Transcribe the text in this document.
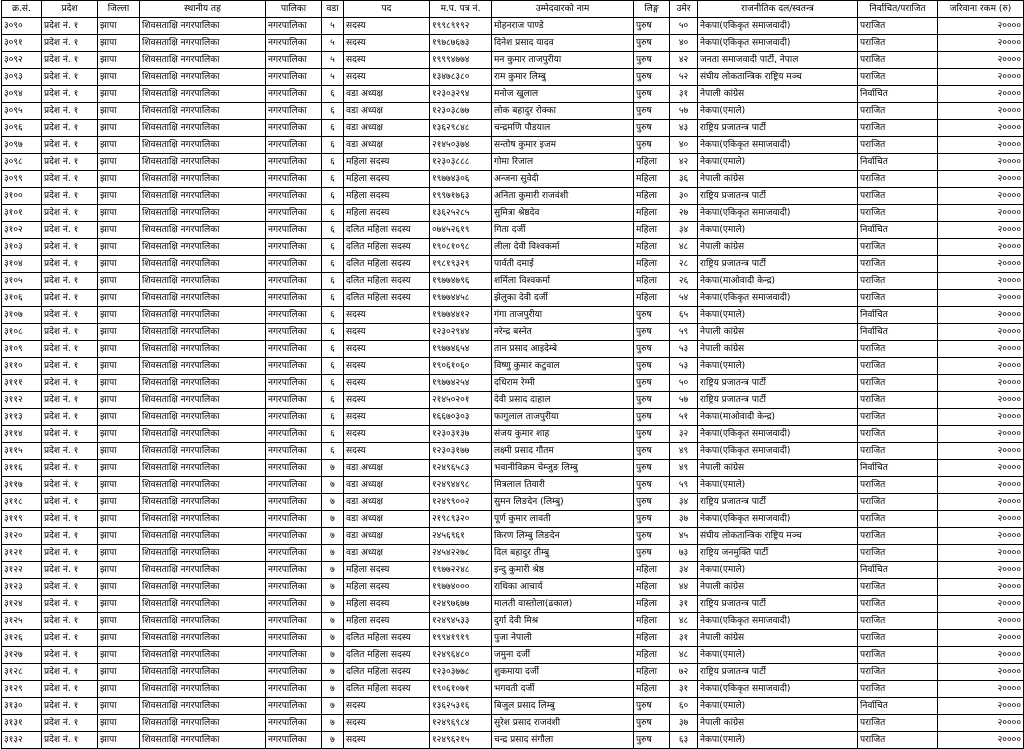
क्र.सं.	प्रदेश	जिल्ला	स्थानीय तह	पालिका	वडा	पद	म.प. पत्र नं.	उम्मेदवारको नाम	लिङ्ग	उमेर	राजनीतिक दल/स्वतन्त्र	निर्वाचित/पराजित	जरिवाना रकम (रु)
३०९०	प्रदेश नं. १	झापा	शिवसताक्षि नगरपालिका	नगरपालिका	५	सदस्य	१९९८९१९२	मोहनराज पाण्डे	पुरुष	५०	नेकपा(एकिकृत समाजवादी)	पराजित	२००००
३०९१	प्रदेश नं. १	झापा	शिवसताक्षि नगरपालिका	नगरपालिका	५	सदस्य	१९७८७६७३	दिनेश प्रसाद यादव	पुरुष	४०	नेकपा(एकिकृत समाजवादी)	पराजित	२००००
३०९२	प्रदेश नं. १	झापा	शिवसताक्षि नगरपालिका	नगरपालिका	५	सदस्य	१९९९४७७४	मन कुमार ताजपुरीया	पुरुष	४२	जनता समाजवादी पार्टी, नेपाल	पराजित	२००००
३०९३	प्रदेश नं. १	झापा	शिवसताक्षि नगरपालिका	नगरपालिका	५	सदस्य	१३४७८३८०	राम कुमार लिम्बु	पुरुष	५२	संघीय लोकतान्त्रिक राष्ट्रिय मञ्च	पराजित	२००००
३०९४	प्रदेश नं. १	झापा	शिवसताक्षि नगरपालिका	नगरपालिका	६	वडा अध्यक्ष	१२३०३२९४	मनोज खुलाल	पुरुष	३१	नेपाली कांग्रेस	निर्वाचित	२००००
३०९५	प्रदेश नं. १	झापा	शिवसताक्षि नगरपालिका	नगरपालिका	६	वडा अध्यक्ष	१२३०३८७७	लोक बहादुर रोक्का	पुरुष	५७	नेकपा(एमाले)	पराजित	२००००
३०९६	प्रदेश नं. १	झापा	शिवसताक्षि नगरपालिका	नगरपालिका	६	वडा अध्यक्ष	१३६२९८४८	चन्द्रमणि पौडयाल	पुरुष	४३	राष्ट्रिय प्रजातन्त्र पार्टी	पराजित	२००००
३०९७	प्रदेश नं. १	झापा	शिवसताक्षि नगरपालिका	नगरपालिका	६	वडा अध्यक्ष	२१४५०३७४	सन्तोष कुमार इजम	पुरुष	४०	नेकपा(एकिकृत समाजवादी)	पराजित	२००००
३०९८	प्रदेश नं. १	झापा	शिवसताक्षि नगरपालिका	नगरपालिका	६	महिला सदस्य	१२३०३८८८	गोमा रिजाल	महिला	४२	नेकपा(एमाले)	निर्वाचित	२००००
३०९९	प्रदेश नं. १	झापा	शिवसताक्षि नगरपालिका	नगरपालिका	६	महिला सदस्य	१९७७४३०६	अन्जना सुवेदी	महिला	३६	नेपाली कांग्रेस	पराजित	२००००
३१००	प्रदेश नं. १	झापा	शिवसताक्षि नगरपालिका	नगरपालिका	६	महिला सदस्य	१९९७१७६३	अनिता कुमारी राजवंशी	महिला	३०	राष्ट्रिय प्रजातन्त्र पार्टी	पराजित	२००००
३१०१	प्रदेश नं. १	झापा	शिवसताक्षि नगरपालिका	नगरपालिका	६	महिला सदस्य	१३६२५२८५	सुमित्रा श्रेष्ठदेव	महिला	२७	नेकपा(एकिकृत समाजवादी)	पराजित	२००००
३१०२	प्रदेश नं. १	झापा	शिवसताक्षि नगरपालिका	नगरपालिका	६	दलित महिला सदस्य	०७४५२६१९	गिता दर्जी	महिला	३४	नेकपा(एमाले)	निर्वाचित	२००००
३१०३	प्रदेश नं. १	झापा	शिवसताक्षि नगरपालिका	नगरपालिका	६	दलित महिला सदस्य	१९०८१०९८	लीला देवी विश्वकर्मा	महिला	४८	नेपाली कांग्रेस	पराजित	२००००
३१०४	प्रदेश नं. १	झापा	शिवसताक्षि नगरपालिका	नगरपालिका	६	दलित महिला सदस्य	१९८१९३२९	पार्वती दमाई	महिला	२८	राष्ट्रिय प्रजातन्त्र पार्टी	पराजित	२००००
३१०५	प्रदेश नं. १	झापा	शिवसताक्षि नगरपालिका	नगरपालिका	६	दलित महिला सदस्य	१९७७४७९६	शर्मिला विश्वकर्मा	महिला	२६	नेकपा(माओवादी केन्द्र)	पराजित	२००००
३१०६	प्रदेश नं. १	झापा	शिवसताक्षि नगरपालिका	नगरपालिका	६	दलित महिला सदस्य	१९७७४४५८	झेलुका देवी दर्जी	महिला	५४	नेकपा(एकिकृत समाजवादी)	पराजित	२००००
३१०७	प्रदेश नं. १	झापा	शिवसताक्षि नगरपालिका	नगरपालिका	६	सदस्य	१९७७४४१२	गंगा ताजपुरीया	पुरुष	६५	नेकपा(एमाले)	निर्वाचित	२००००
३१०८	प्रदेश नं. १	झापा	शिवसताक्षि नगरपालिका	नगरपालिका	६	सदस्य	१२३०२९४४	नरेन्द्र बस्नेत	पुरुष	५९	नेपाली कांग्रेस	निर्वाचित	२००००
३१०९	प्रदेश नं. १	झापा	शिवसताक्षि नगरपालिका	नगरपालिका	६	सदस्य	१९७७४६५४	तान प्रसाद आइदेम्बे	पुरुष	५३	नेपाली कांग्रेस	पराजित	२००००
३११०	प्रदेश नं. १	झापा	शिवसताक्षि नगरपालिका	नगरपालिका	६	सदस्य	१९०६१०६०	विष्णु कुमार कटुवाल	पुरुष	५३	नेकपा(एमाले)	पराजित	२००००
३१११	प्रदेश नं. १	झापा	शिवसताक्षि नगरपालिका	नगरपालिका	६	सदस्य	१९७७४२५४	दधिराम रेग्मी	पुरुष	५०	राष्ट्रिय प्रजातन्त्र पार्टी	पराजित	२००००
३११२	प्रदेश नं. १	झापा	शिवसताक्षि नगरपालिका	नगरपालिका	६	सदस्य	२१४५०२०१	देवी प्रसाद दाहाल	पुरुष	५७	राष्ट्रिय प्रजातन्त्र पार्टी	पराजित	२००००
३११३	प्रदेश नं. १	झापा	शिवसताक्षि नगरपालिका	नगरपालिका	६	सदस्य	१६६७०३०३	फागुलाल ताजपुरीया	पुरुष	५१	नेकपा(माओवादी केन्द्र)	पराजित	२००००
३११४	प्रदेश नं. १	झापा	शिवसताक्षि नगरपालिका	नगरपालिका	६	सदस्य	१२३०३१३७	संजय कुमार शाह	पुरुष	३२	नेकपा(एकिकृत समाजवादी)	पराजित	२००००
३११५	प्रदेश नं. १	झापा	शिवसताक्षि नगरपालिका	नगरपालिका	६	सदस्य	१२३०३१७७	लक्ष्मी प्रसाद गौतम	पुरुष	४९	नेकपा(एकिकृत समाजवादी)	पराजित	२००००
३११६	प्रदेश नं. १	झापा	शिवसताक्षि नगरपालिका	नगरपालिका	७	वडा अध्यक्ष	१२४९६५८३	भवानीविक्रम चेम्जुङ लिम्बु	पुरुष	४९	नेपाली कांग्रेस	निर्वाचित	२००००
३११७	प्रदेश नं. १	झापा	शिवसताक्षि नगरपालिका	नगरपालिका	७	वडा अध्यक्ष	१२४९४४९८	मित्रलाल तिवारी	पुरुष	५९	नेकपा(एमाले)	पराजित	२००००
३११८	प्रदेश नं. १	झापा	शिवसताक्षि नगरपालिका	नगरपालिका	७	वडा अध्यक्ष	१२४९९००२	सुमन लिङदेन (लिम्बु)	पुरुष	३४	राष्ट्रिय प्रजातन्त्र पार्टी	पराजित	२००००
३११९	प्रदेश नं. १	झापा	शिवसताक्षि नगरपालिका	नगरपालिका	७	वडा अध्यक्ष	२१९८९३२०	पूर्ण कुमार लावती	पुरुष	३७	नेकपा(एकिकृत समाजवादी)	पराजित	२००००
३१२०	प्रदेश नं. १	झापा	शिवसताक्षि नगरपालिका	नगरपालिका	७	वडा अध्यक्ष	२४५६९६१	किरण लिम्बु लिङदेन	पुरुष	४५	संघीय लोकतान्त्रिक राष्ट्रिय मञ्च	पराजित	२००००
३१२१	प्रदेश नं. १	झापा	शिवसताक्षि नगरपालिका	नगरपालिका	७	वडा अध्यक्ष	२४५४२२७८	दिल बहादुर तीम्बु	पुरुष	७३	राष्ट्रिय जनमुक्ति पार्टी	पराजित	२००००
३१२२	प्रदेश नं. १	झापा	शिवसताक्षि नगरपालिका	नगरपालिका	७	महिला सदस्य	१९७७२२४८	इन्दु कुमारी श्रेष्ठ	महिला	३४	नेकपा(एमाले)	निर्वाचित	२००००
३१२३	प्रदेश नं. १	झापा	शिवसताक्षि नगरपालिका	नगरपालिका	७	महिला सदस्य	१९७७४०००	राधिका आचार्य	महिला	४४	नेपाली कांग्रेस	पराजित	२००००
३१२४	प्रदेश नं. १	झापा	शिवसताक्षि नगरपालिका	नगरपालिका	७	महिला सदस्य	१२४९७६७७	मालती वास्तोला(ढकाल)	महिला	३१	राष्ट्रिय प्रजातन्त्र पार्टी	पराजित	२००००
३१२५	प्रदेश नं. १	झापा	शिवसताक्षि नगरपालिका	नगरपालिका	७	महिला सदस्य	१२४९४५३३	दुर्गा देवी मिश्र	महिला	४८	नेकपा(एकिकृत समाजवादी)	पराजित	२००००
३१२६	प्रदेश नं. १	झापा	शिवसताक्षि नगरपालिका	नगरपालिका	७	दलित महिला सदस्य	१९९४१९१९	पुजा नेपाली	महिला	३१	नेपाली कांग्रेस	पराजित	२००००
३१२७	प्रदेश नं. १	झापा	शिवसताक्षि नगरपालिका	नगरपालिका	७	दलित महिला सदस्य	१२४९६४८०	जमुना दर्जी	महिला	४८	नेकपा(एमाले)	पराजित	२००००
३१२८	प्रदेश नं. १	झापा	शिवसताक्षि नगरपालिका	नगरपालिका	७	दलित महिला सदस्य	१२३०३७७८	शुकमाया दर्जी	महिला	७२	राष्ट्रिय प्रजातन्त्र पार्टी	पराजित	२००००
३१२९	प्रदेश नं. १	झापा	शिवसताक्षि नगरपालिका	नगरपालिका	७	दलित महिला सदस्य	१९०६१०७१	भगवती दर्जी	महिला	३१	नेकपा(एकिकृत समाजवादी)	पराजित	२००००
३१३०	प्रदेश नं. १	झापा	शिवसताक्षि नगरपालिका	नगरपालिका	७	सदस्य	१३६२५३१६	बिजुल प्रसाद लिम्बु	पुरुष	६०	नेकपा(एमाले)	निर्वाचित	२००००
३१३१	प्रदेश नं. १	झापा	शिवसताक्षि नगरपालिका	नगरपालिका	७	सदस्य	१२४९६९८४	सुरेश प्रसाद राजवंशी	पुरुष	३७	नेपाली कांग्रेस	पराजित	२००००
३१३२	प्रदेश नं. १	झापा	शिवसताक्षि नगरपालिका	नगरपालिका	७	सदस्य	१२४९६२१५	चन्द्र प्रसाद संगौला	पुरुष	६३	नेकपा(एमाले)	पराजित	२००००
